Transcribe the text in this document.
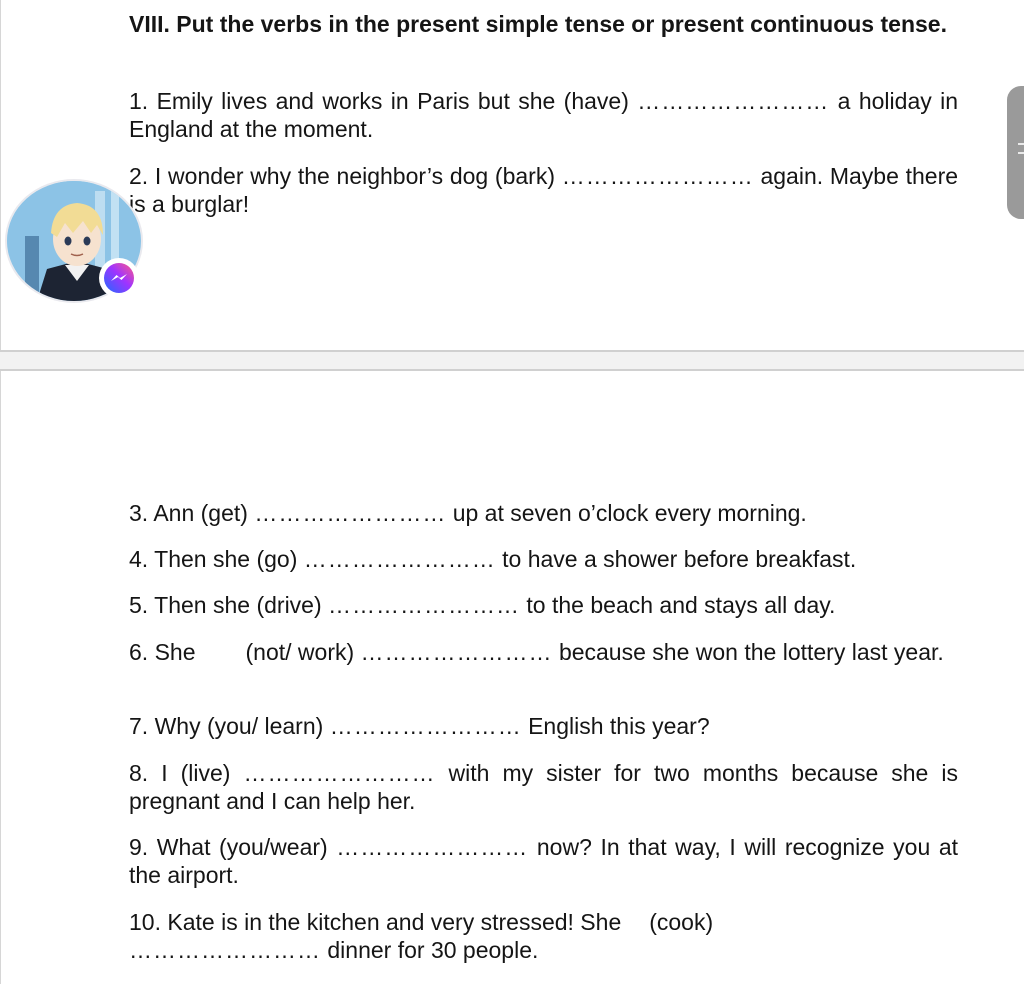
VIII. Put the verbs in the present simple tense or present continuous tense.
1. Emily lives and works in Paris but she (have) …………………… a holiday in England at the moment.
2. I wonder why the neighbor’s dog (bark) …………………… again. Maybe there is a burglar!
3. Ann (get) …………………… up at seven o’clock every morning.
4. Then she (go) …………………… to have a shower before breakfast.
5. Then she (drive) …………………… to the beach and stays all day.
6. She (not/ work) …………………… because she won the lottery last year.
7. Why (you/ learn) …………………… English this year?
8. I (live) …………………… with my sister for two months because she is pregnant and I can help her.
9. What (you/wear) …………………… now? In that way, I will recognize you at the airport.
10. Kate is in the kitchen and very stressed! She (cook)
…………………… dinner for 30 people.
